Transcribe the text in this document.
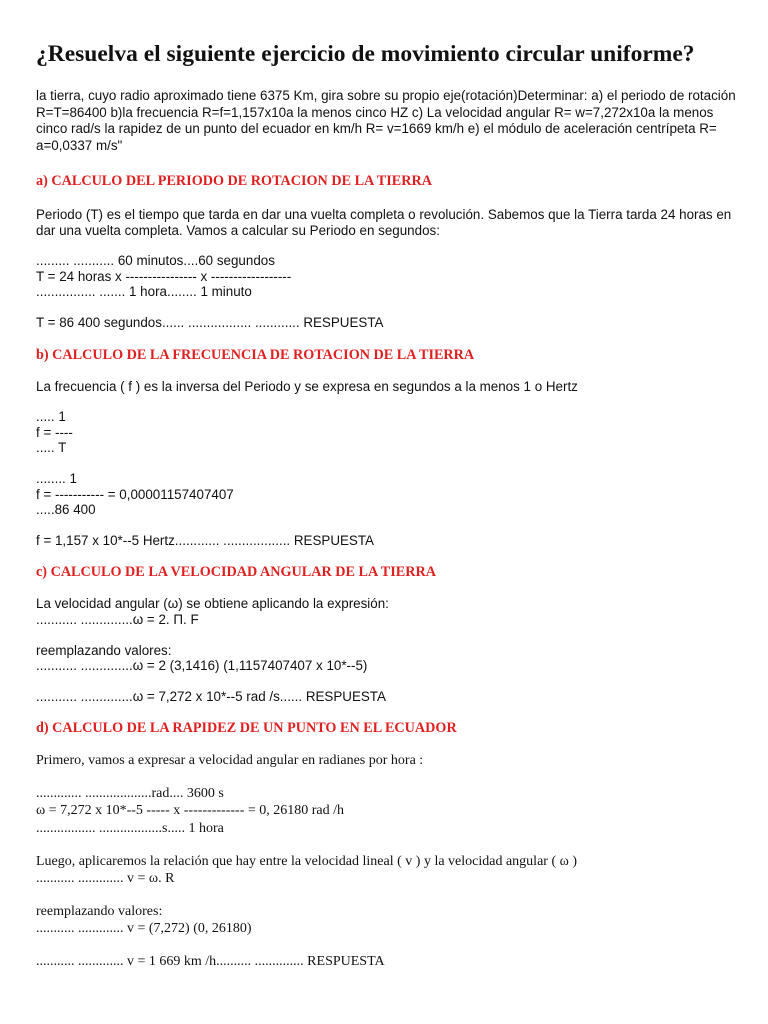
¿Resuelva el siguiente ejercicio de movimiento circular uniforme?

la tierra, cuyo radio aproximado tiene 6375 Km, gira sobre su propio eje(rotación)Determinar: a) el periodo de rotación R=T=86400 b)la frecuencia R=f=1,157x10a la menos cinco HZ c) La velocidad angular R= w=7,272x10a la menos cinco rad/s la rapidez de un punto del ecuador en km/h R= v=1669 km/h e) el módulo de aceleración centrípeta R= a=0,0337 m/s"

a) CALCULO DEL PERIODO DE ROTACION DE LA TIERRA
Periodo (T) es el tiempo que tarda en dar una vuelta completa o revolución. Sabemos que la Tierra tarda 24 horas en dar una vuelta completa. Vamos a calcular su Periodo en segundos:
......... ........... 60 minutos....60 segundos
T = 24 horas x ---------------- x ------------------
................ ....... 1 hora........ 1 minuto
T = 86 400 segundos...... ................. ............ RESPUESTA
b) CALCULO DE LA FRECUENCIA DE ROTACION DE LA TIERRA
La frecuencia ( f ) es la inversa del Periodo y se expresa en segundos a la menos 1 o Hertz
..... 1
f = ----
..... T
........ 1
f = ----------- = 0,00001157407407
.....86 400
f = 1,157 x 10*--5 Hertz............ .................. RESPUESTA
c) CALCULO DE LA VELOCIDAD ANGULAR DE LA TIERRA
La velocidad angular (ω) se obtiene aplicando la expresión:
........... ..............ω = 2. Π. F
reemplazando valores:
........... ..............ω = 2 (3,1416) (1,1157407407 x 10*--5)
........... ..............ω = 7,272 x 10*--5 rad /s...... RESPUESTA
d) CALCULO DE LA RAPIDEZ DE UN PUNTO EN EL ECUADOR
Primero, vamos a expresar a velocidad angular en radianes por hora :
............. ...................rad.... 3600 s
ω = 7,272 x 10*--5 ----- x ------------- = 0, 26180 rad /h
................. ..................s..... 1 hora
Luego, aplicaremos la relación que hay entre la velocidad lineal ( v ) y la velocidad angular ( ω )
........... ............. v = ω. R
reemplazando valores:
........... ............. v = (7,272) (0, 26180)
........... ............. v = 1 669 km /h.......... .............. RESPUESTA
